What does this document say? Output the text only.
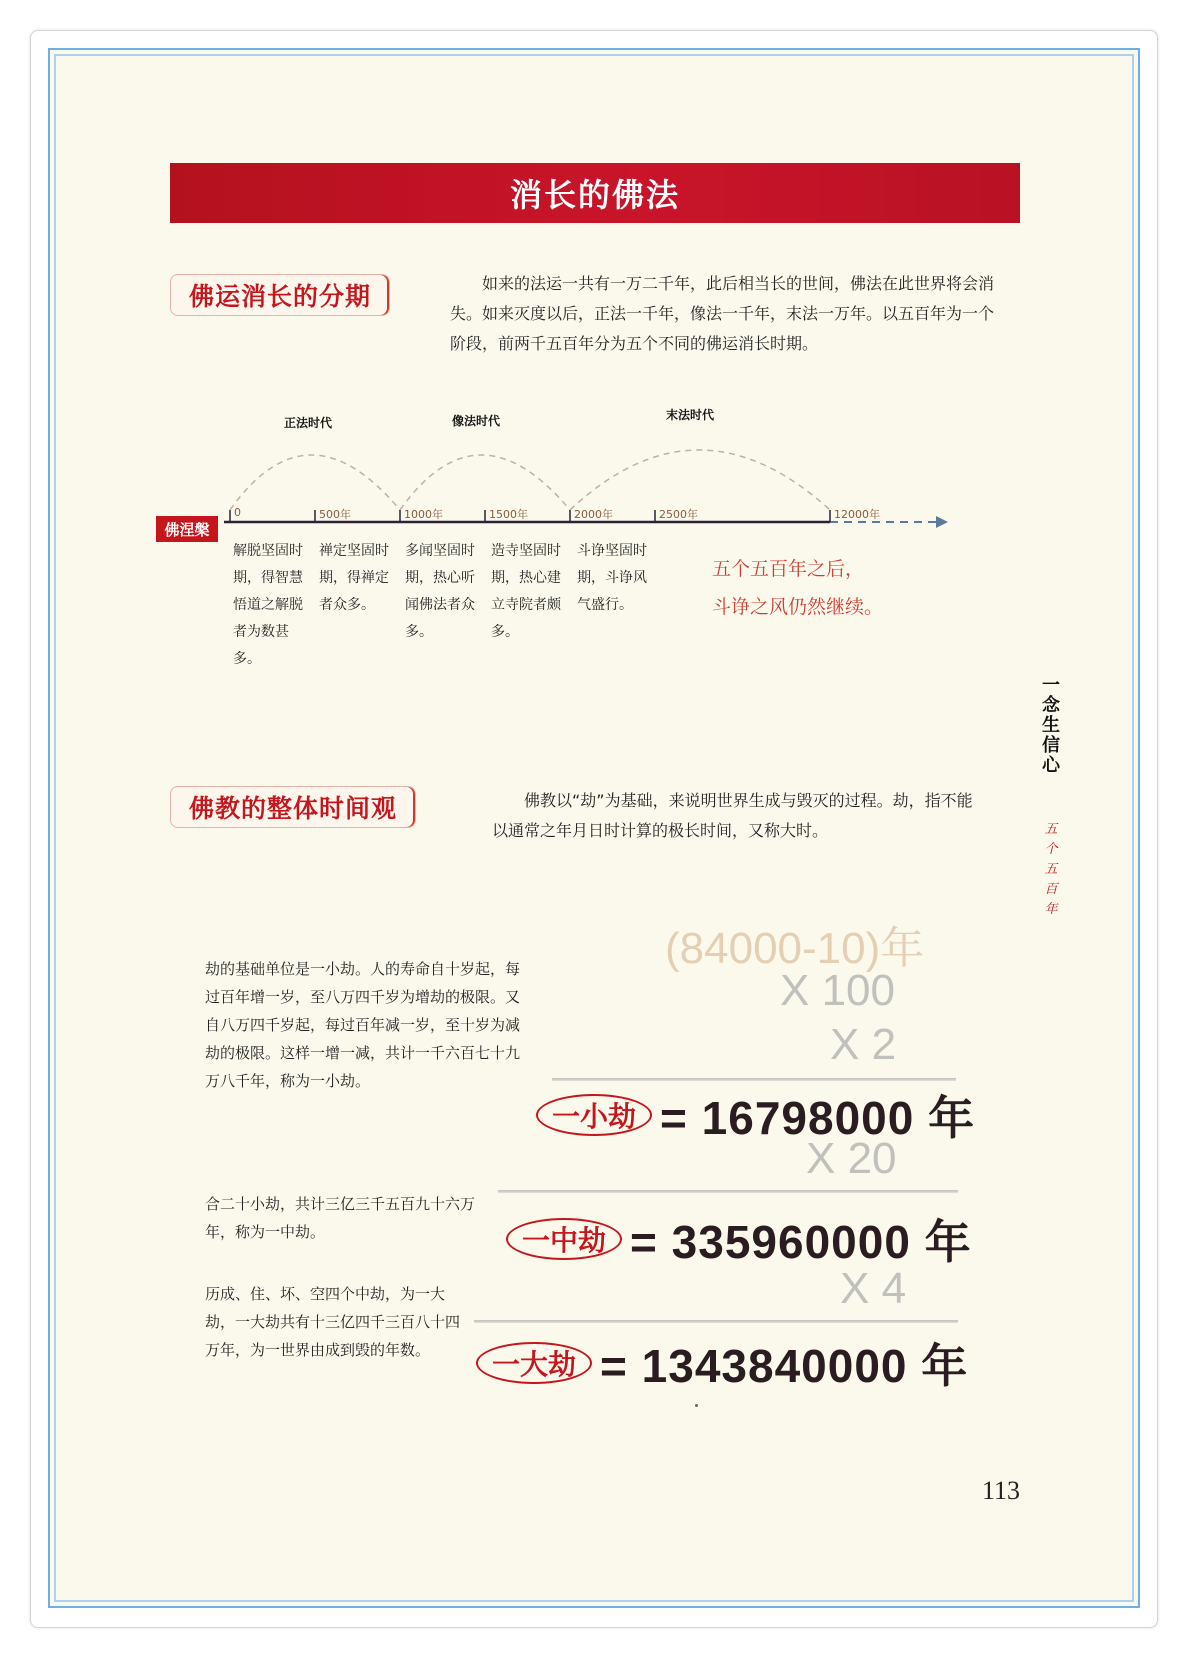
消长的佛法
佛运消长的分期	如来的法运一共有一万二千年，此后相当长的世间，佛法在此世界将会消失。如来灭度以后，正法一千年，像法一千年，末法一万年。以五百年为一个阶段，前两千五百年分为五个不同的佛运消长时期。

正法时代	像法时代	末法时代
0	500年	1000年	1500年	2000年	2500年	12000年
佛涅槃

解脱坚固时期，得智慧悟道之解脱者为数甚多。

禅定坚固时期，得禅定者众多。

多闻坚固时期，热心听闻佛法者众多。

造寺坚固时期，热心建立寺院者颇多。

斗诤坚固时期，斗诤风气盛行。

五个五百年之后，

斗诤之风仍然继续。

一念生信心
五个五百年
佛教的整体时间观	佛教以“劫”为基础，来说明世界生成与毁灭的过程。劫，指不能以通常之年月日时计算的极长时间，又称大时。

劫的基础单位是一小劫。人的寿命自十岁起，每过百年增一岁，至八万四千岁为增劫的极限。又自八万四千岁起，每过百年减一岁，至十岁为减劫的极限。这样一增一减，共计一千六百七十九万八千年，称为一小劫。

合二十小劫，共计三亿三千五百九十六万年，称为一中劫。

历成、住、坏、空四个中劫，为一大劫，一大劫共有十三亿四千三百八十四万年，为一世界由成到毁的年数。

(84000-10)年
X 100
X 2
一小劫 = 16798000 年
X 20
一中劫 = 335960000 年
X 4
一大劫 = 1343840000 年
113
